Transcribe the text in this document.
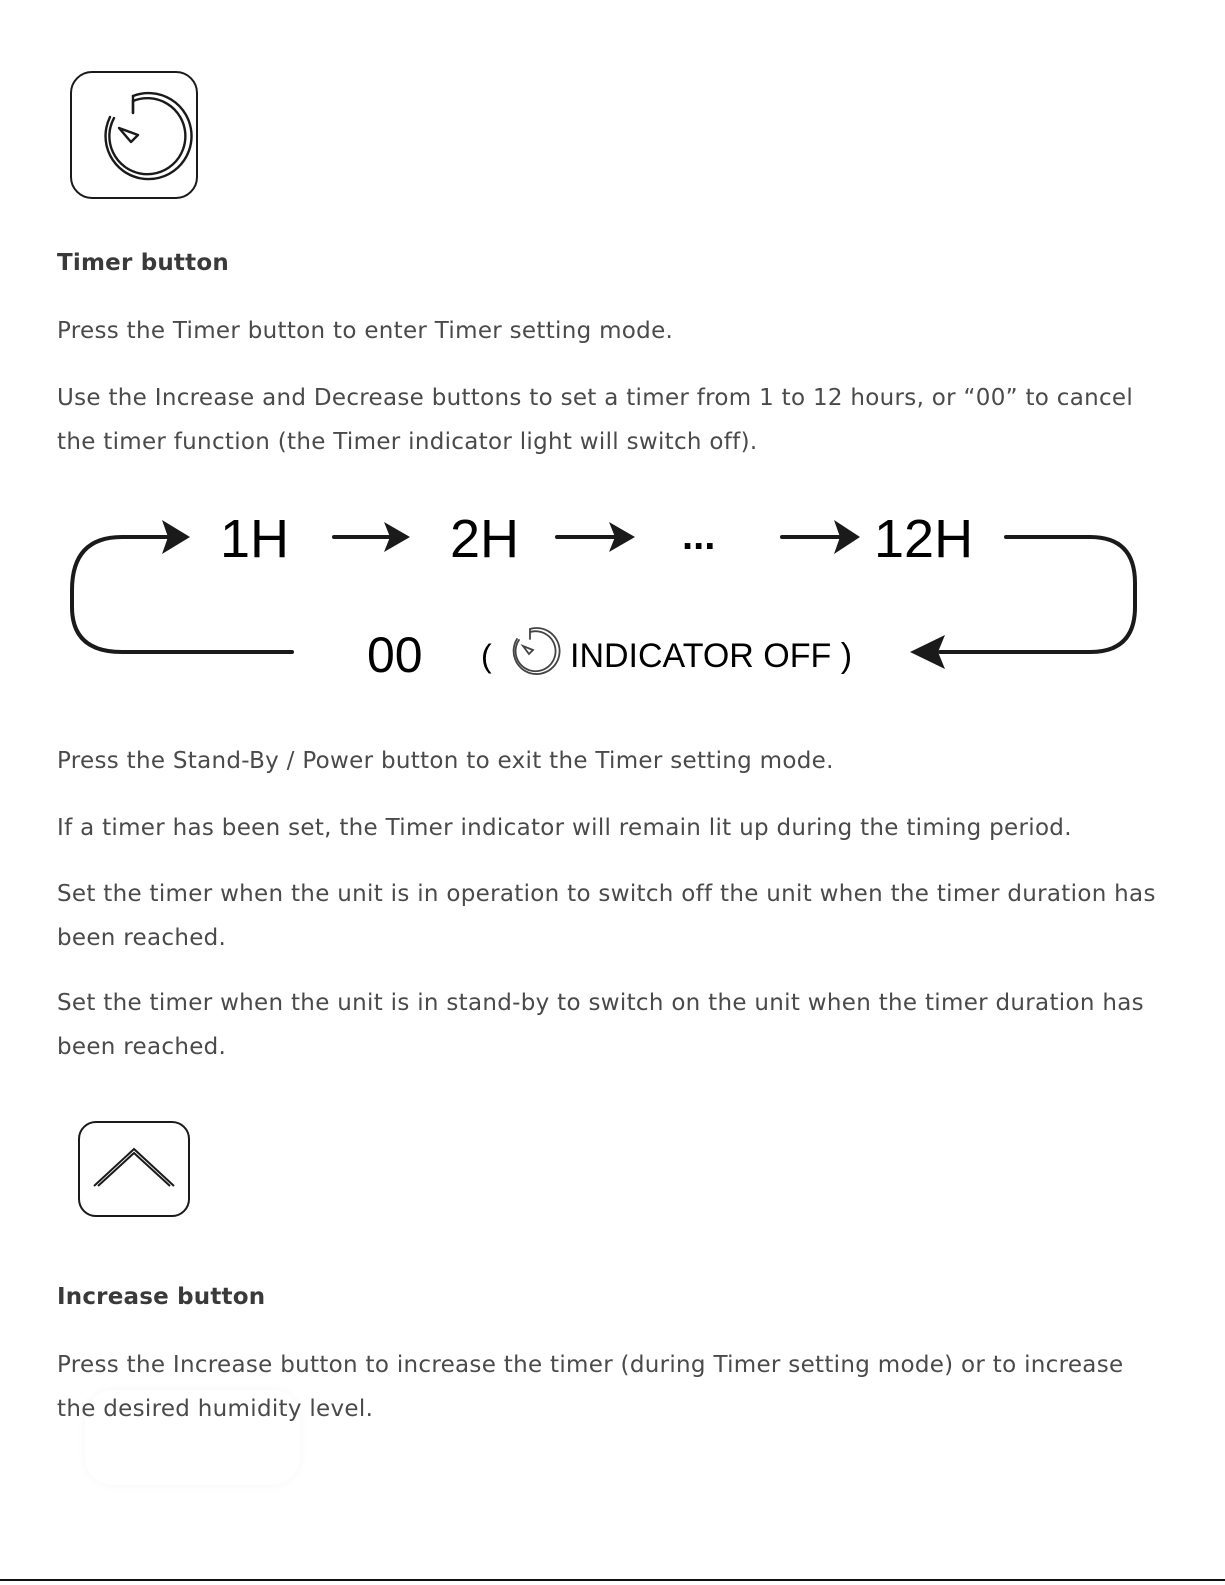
Timer button
Press the Timer button to enter Timer setting mode.
Use the Increase and Decrease buttons to set a timer from 1 to 12 hours, or “00” to cancel the timer function (the Timer indicator light will switch off).
1H	2H	...	12H
00 ( INDICATOR OFF )
Press the Stand-By / Power button to exit the Timer setting mode.
If a timer has been set, the Timer indicator will remain lit up during the timing period.
Set the timer when the unit is in operation to switch off the unit when the timer duration has been reached.
Set the timer when the unit is in stand-by to switch on the unit when the timer duration has been reached.
Increase button
Press the Increase button to increase the timer (during Timer setting mode) or to increase the desired humidity level.
